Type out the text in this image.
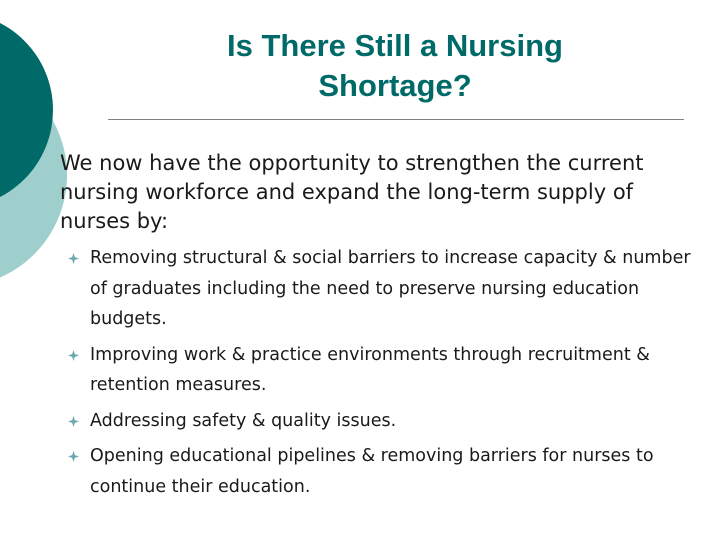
Is There Still a Nursing
Shortage?
We now have the opportunity to strengthen the current nursing workforce and expand the long-term supply of nurses by:
Removing structural & social barriers to increase capacity & number of graduates including the need to preserve nursing education budgets.
Improving work & practice environments through recruitment & retention measures.
Addressing safety & quality issues.
Opening educational pipelines & removing barriers for nurses to continue their education.
